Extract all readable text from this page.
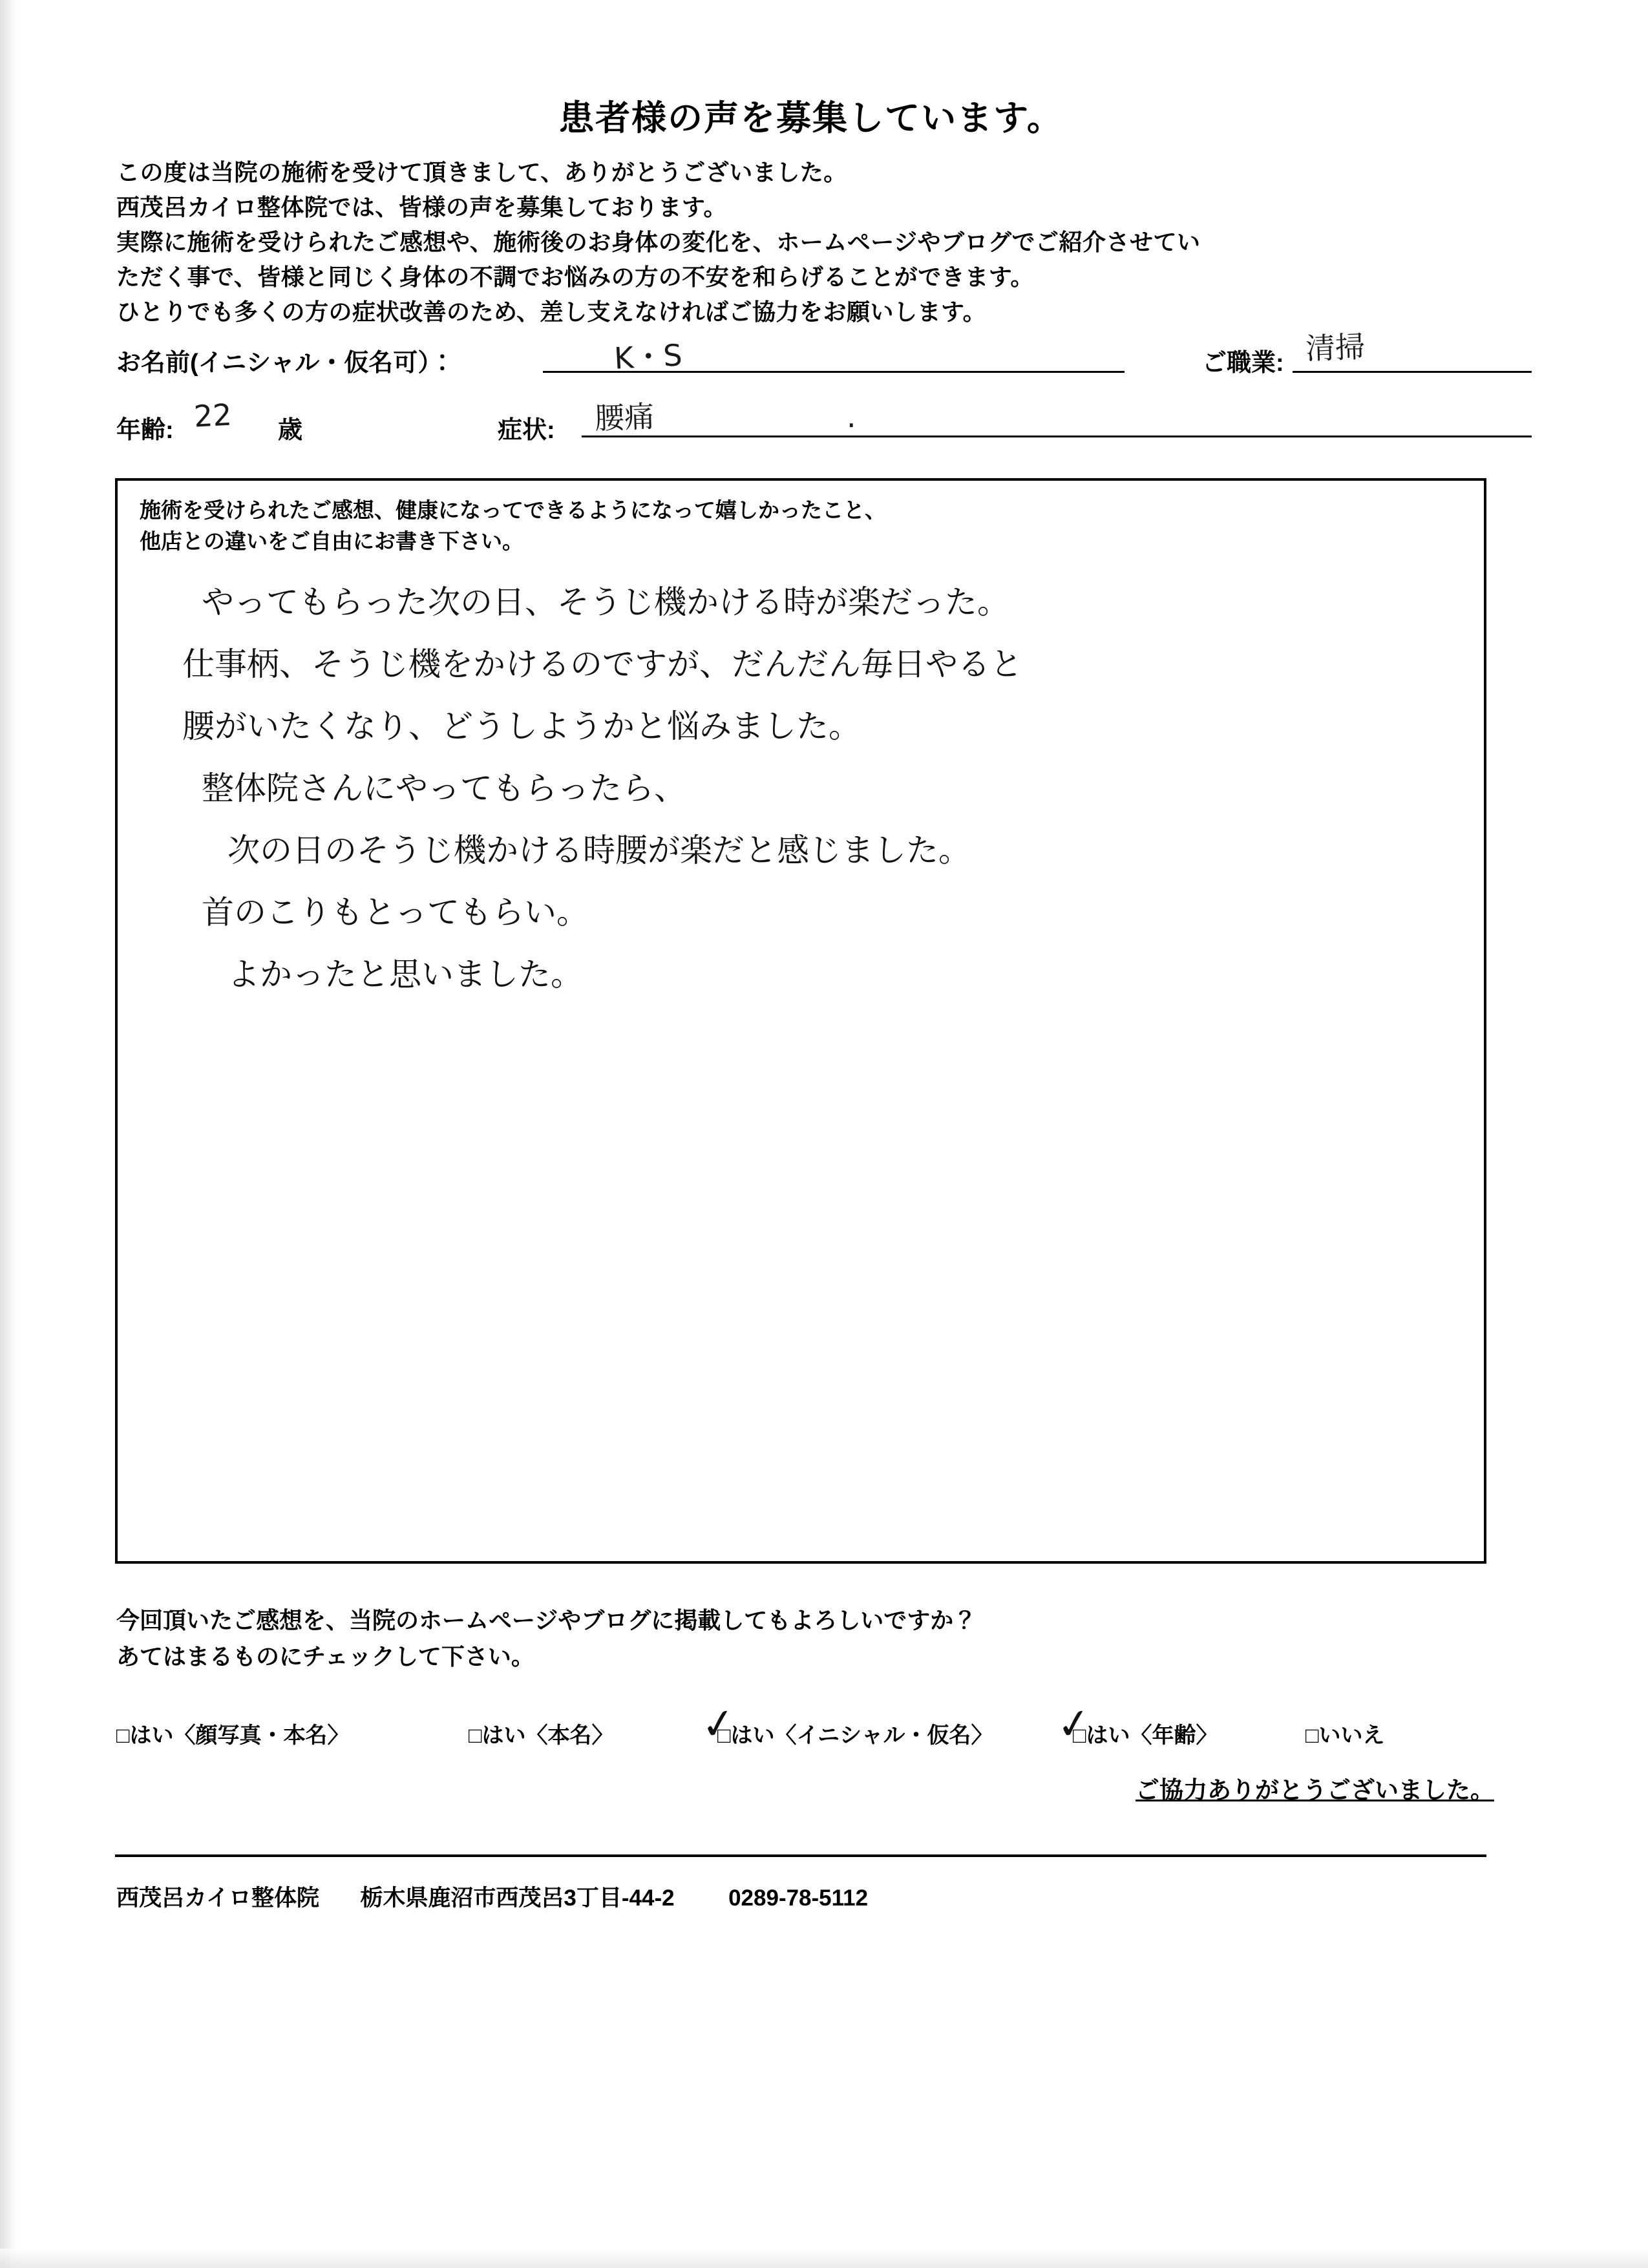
患者様の声を募集しています。
この度は当院の施術を受けて頂きまして、ありがとうございました。
西茂呂カイロ整体院では、皆様の声を募集しております。
実際に施術を受けられたご感想や、施術後のお身体の変化を、ホームページやブログでご紹介させてい
ただく事で、皆様と同じく身体の不調でお悩みの方の不安を和らげることができます。
ひとりでも多くの方の症状改善のため、差し支えなければご協力をお願いします。
お名前(イニシャル・仮名可）：	K・S	ご職業: 清掃
年齢: 22 歳	症状: 腰痛	.
施術を受けられたご感想、健康になってできるようになって嬉しかったこと、
他店との違いをご自由にお書き下さい。
やってもらった次の日、そうじ機かける時が楽だった。
仕事柄、そうじ機をかけるのですが、だんだん毎日やると
腰がいたくなり、どうしようかと悩みました。
整体院さんにやってもらったら、
次の日のそうじ機かける時腰が楽だと感じました。
首のこりもとってもらい。
よかったと思いました。
今回頂いたご感想を、当院のホームページやブログに掲載してもよろしいですか？
あてはまるものにチェックして下さい。
□はい〈顔写真・本名〉	□はい〈本名〉	□はい〈イニシャル・仮名〉
✓	□はい〈年齢〉
✓	□いいえ
ご協力ありがとうございました。
西茂呂カイロ整体院 栃木県鹿沼市西茂呂3丁目-44-2 0289-78-5112
